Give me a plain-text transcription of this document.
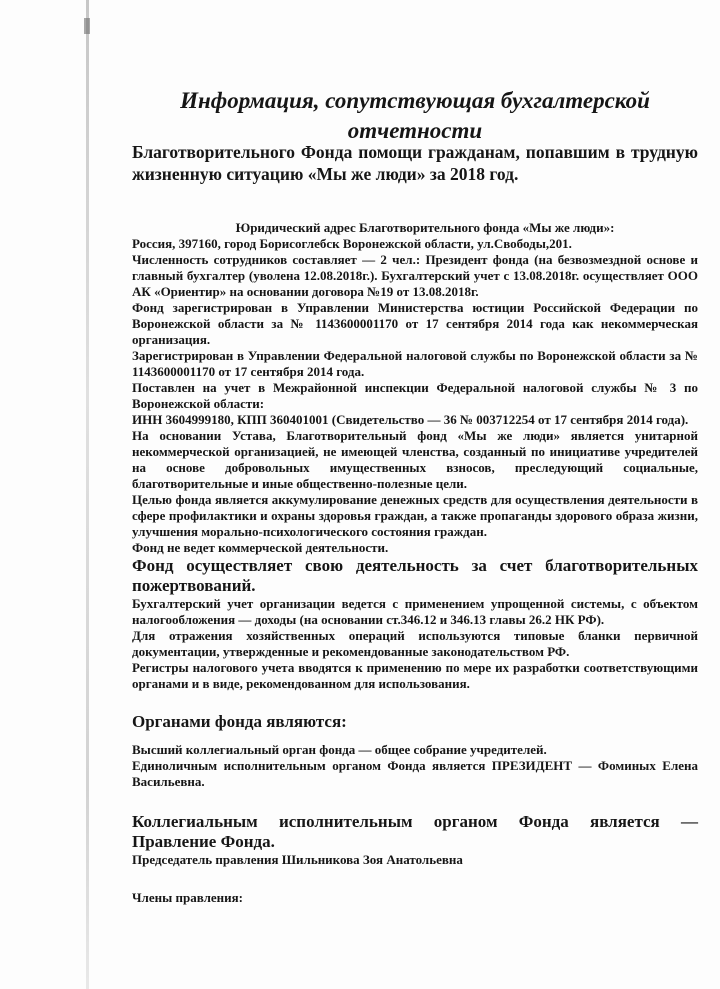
Информация, сопутствующая бухгалтерской отчетности

Благотворительного Фонда помощи гражданам, попавшим в трудную жизненную ситуацию «Мы же люди» за 2018 год.

Юридический адрес Благотворительного фонда «Мы же люди»:

Россия, 397160, город Борисоглебск Воронежской области, ул.Свободы,201.

Численность сотрудников составляет — 2 чел.: Президент фонда (на безвозмездной основе и главный бухгалтер (уволена 12.08.2018г.). Бухгалтерский учет с 13.08.2018г. осуществляет ООО АК «Ориентир» на основании договора №19 от 13.08.2018г.

Фонд зарегистрирован в Управлении Министерства юстиции Российской Федерации по Воронежской области за № 1143600001170 от 17 сентября 2014 года как некоммерческая организация.

Зарегистрирован в Управлении Федеральной налоговой службы по Воронежской области за № 1143600001170 от 17 сентября 2014 года.

Поставлен на учет в Межрайонной инспекции Федеральной налоговой службы № 3 по Воронежской области:

ИНН 3604999180, КПП 360401001 (Свидетельство — 36 № 003712254 от 17 сентября 2014 года).

На основании Устава, Благотворительный фонд «Мы же люди» является унитарной некоммерческой организацией, не имеющей членства, созданный по инициативе учредителей на основе добровольных имущественных взносов, преследующий социальные, благотворительные и иные общественно-полезные цели.

Целью фонда является аккумулирование денежных средств для осуществления деятельности в сфере профилактики и охраны здоровья граждан, а также пропаганды здорового образа жизни, улучшения морально-психологического состояния граждан.

Фонд не ведет коммерческой деятельности.

Фонд осуществляет свою деятельность за счет благотворительных пожертвований.

Бухгалтерский учет организации ведется с применением упрощенной системы, с объектом налогообложения — доходы (на основании ст.346.12 и 346.13 главы 26.2 НК РФ).

Для отражения хозяйственных операций используются типовые бланки первичной документации, утвержденные и рекомендованные законодательством РФ.

Регистры налогового учета вводятся к применению по мере их разработки соответствующими органами и в виде, рекомендованном для использования.

Органами фонда являются:

Высший коллегиальный орган фонда — общее собрание учредителей.

Единоличным исполнительным органом Фонда является ПРЕЗИДЕНТ — Фоминых Елена Васильевна.

Коллегиальным исполнительным органом Фонда является — Правление Фонда.

Председатель правления Шильникова Зоя Анатольевна

Члены правления:
